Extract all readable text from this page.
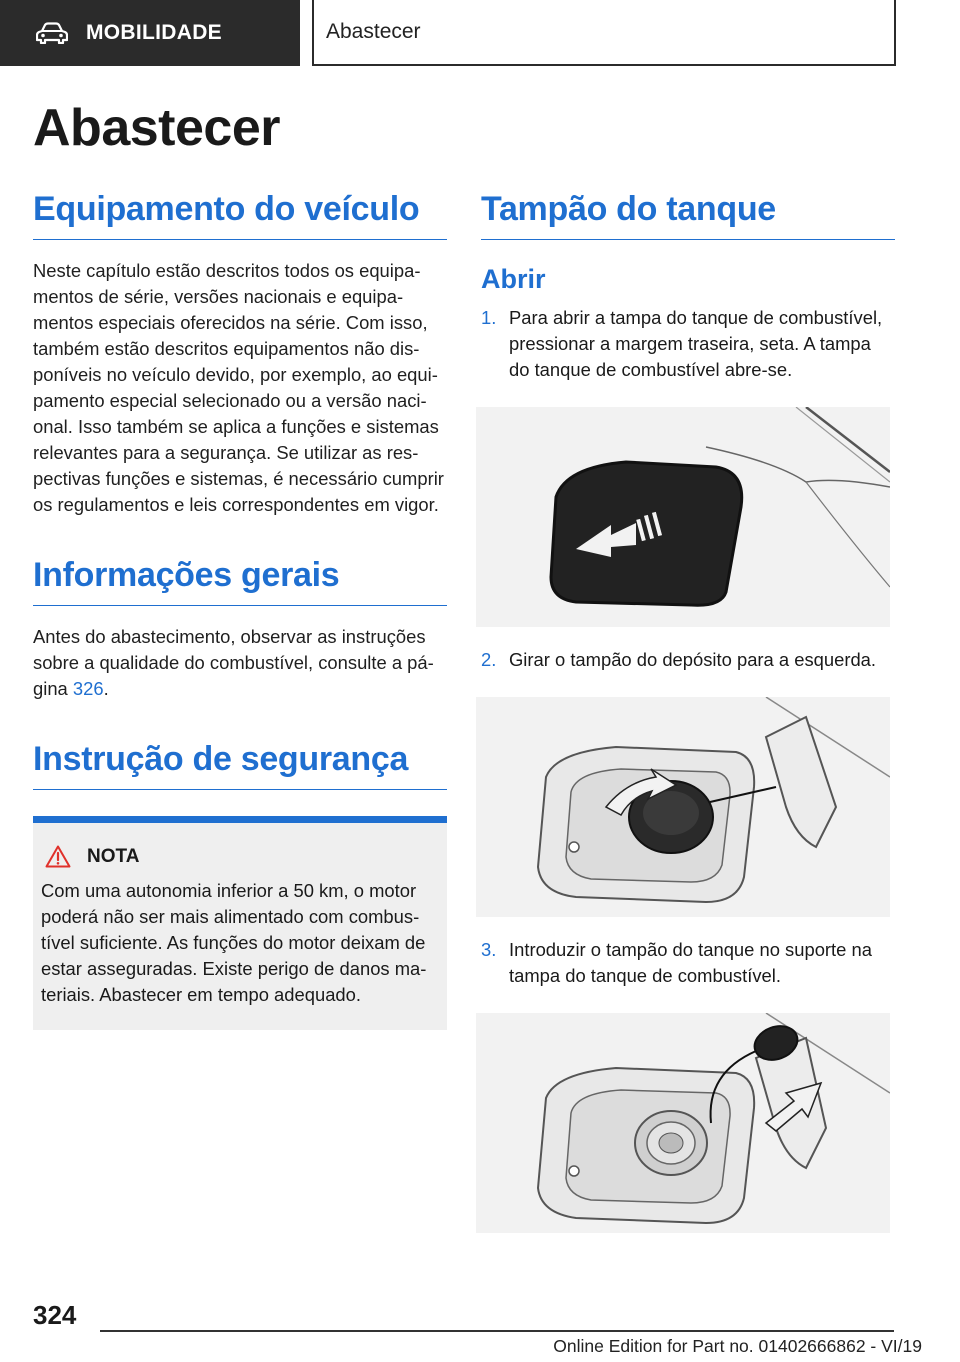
MOBILIDADE	Abastecer
Abastecer
Equipamento do veículo

Neste capítulo estão descritos todos os equipamentos de série, versões nacionais e equipamentos especiais oferecidos na série. Com isso, também estão descritos equipamentos não disponíveis no veículo devido, por exemplo, ao equipamento especial selecionado ou a versão nacional. Isso também se aplica a funções e sistemas relevantes para a segurança. Se utilizar as respectivas funções e sistemas, é necessário cumprir os regulamentos e leis correspondentes em vigor.

Informações gerais

Antes do abastecimento, observar as instruções sobre a qualidade do combustível, consulte a página 326.

Instrução de segurança
NOTA

Com uma autonomia inferior a 50 km, o motor poderá não ser mais alimentado com combustível suficiente. As funções do motor deixam de estar asseguradas. Existe perigo de danos materiais. Abastecer em tempo adequado.

Tampão do tanque
Abrir
1. Para abrir a tampa do tanque de combustível, pressionar a margem traseira, seta. A tampa do tanque de combustível abre-se.
2. Girar o tampão do depósito para a esquerda.
3. Introduzir o tampão do tanque no suporte na tampa do tanque de combustível.
324
Online Edition for Part no. 01402666862 - VI/19
